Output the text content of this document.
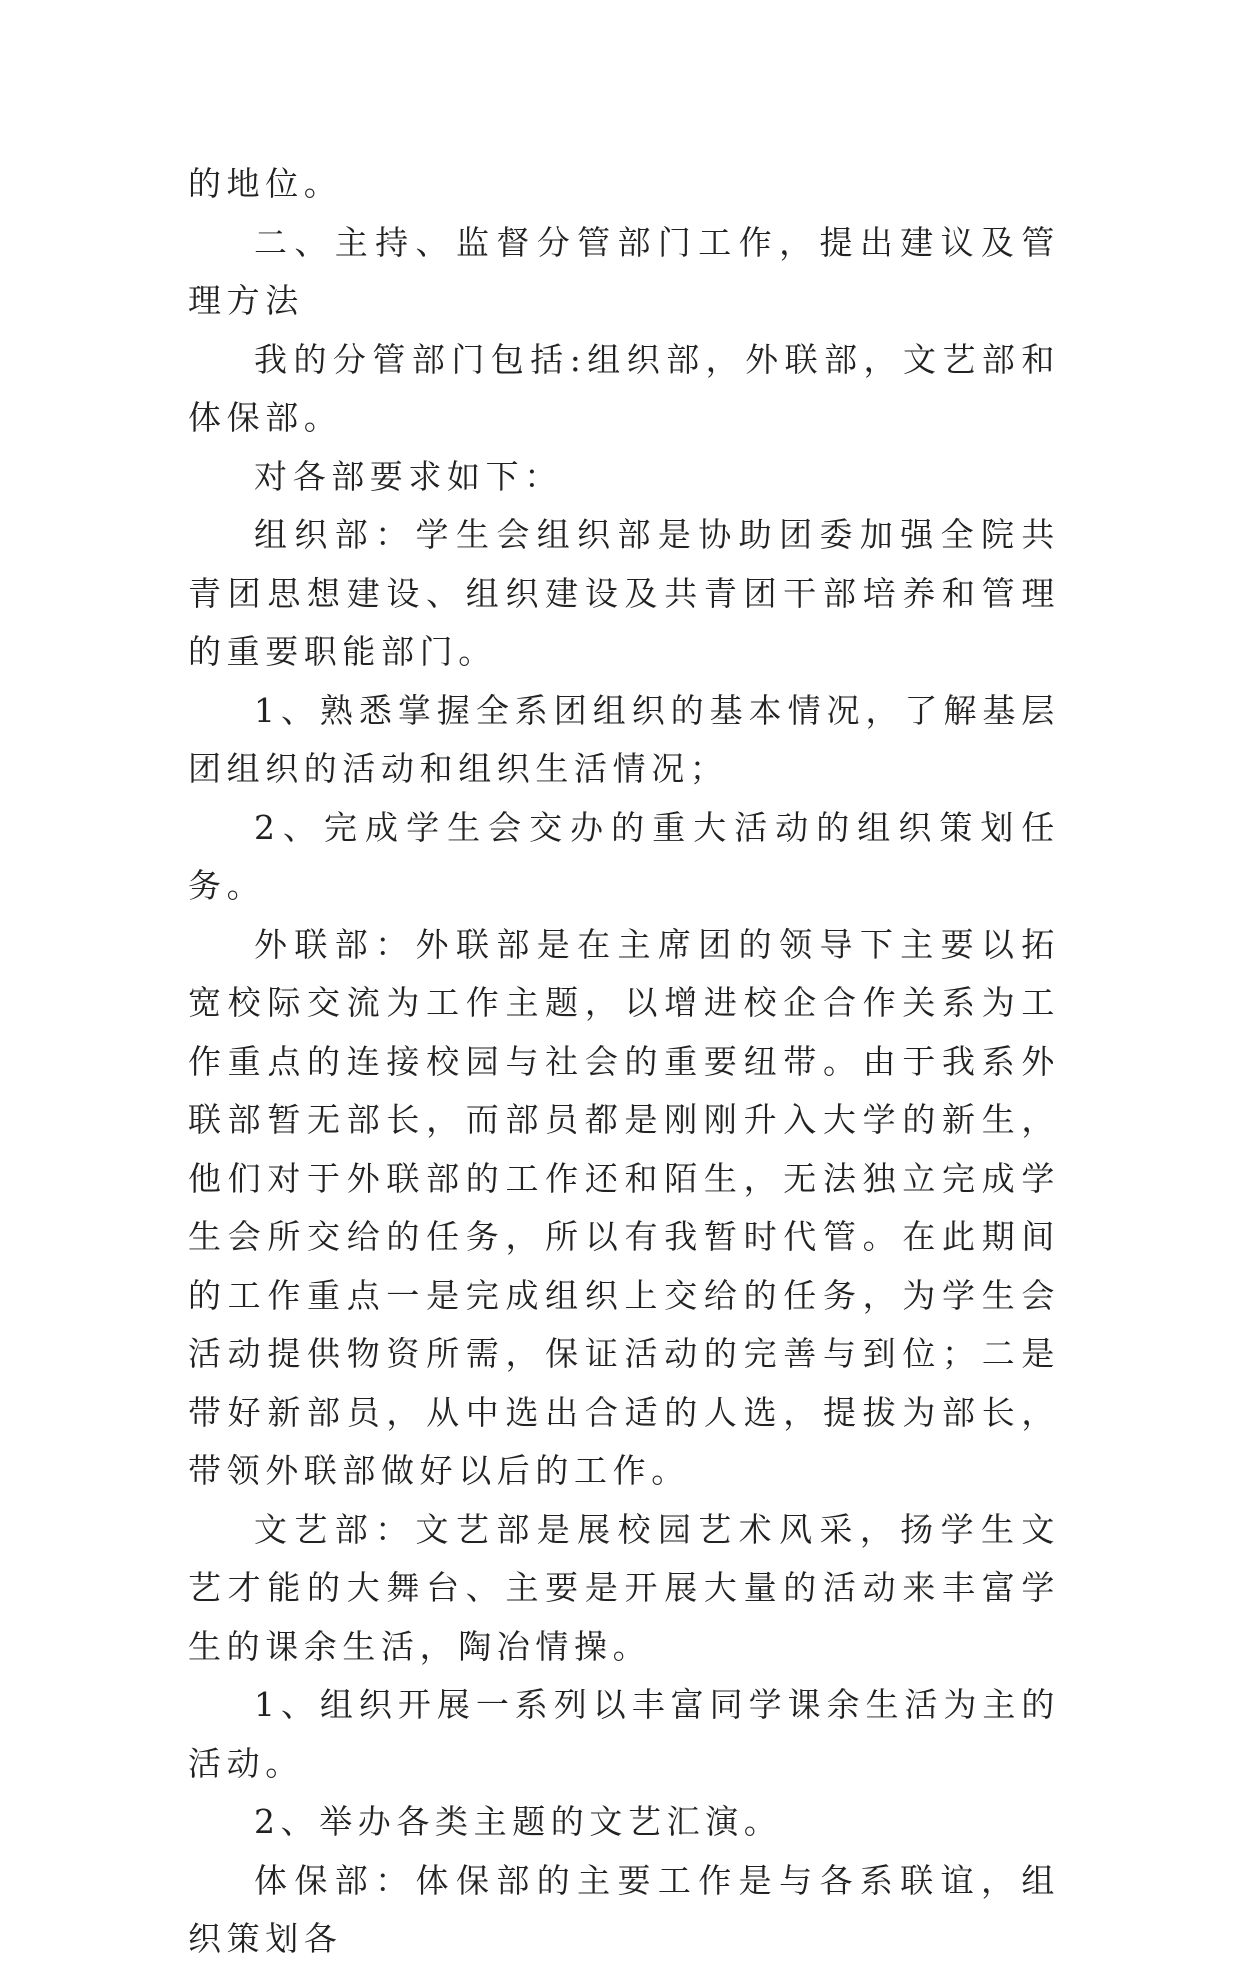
的地位。

二、主持、监督分管部门工作，提出建议及管理方法

我的分管部门包括:组织部，外联部，文艺部和体保部。

对各部要求如下：

组织部：学生会组织部是协助团委加强全院共青团思想建设、组织建设及共青团干部培养和管理的重要职能部门。

1、熟悉掌握全系团组织的基本情况，了解基层团组织的活动和组织生活情况；

2、完成学生会交办的重大活动的组织策划任务。

外联部：外联部是在主席团的领导下主要以拓宽校际交流为工作主题，以增进校企合作关系为工作重点的连接校园与社会的重要纽带。由于我系外联部暂无部长，而部员都是刚刚升入大学的新生，他们对于外联部的工作还和陌生，无法独立完成学生会所交给的任务，所以有我暂时代管。在此期间的工作重点一是完成组织上交给的任务，为学生会活动提供物资所需，保证活动的完善与到位；二是带好新部员，从中选出合适的人选，提拔为部长，带领外联部做好以后的工作。

文艺部：文艺部是展校园艺术风采，扬学生文艺才能的大舞台、主要是开展大量的活动来丰富学生的课余生活，陶冶情操。

1、组织开展一系列以丰富同学课余生活为主的活动。

2、举办各类主题的文艺汇演。

体保部：体保部的主要工作是与各系联谊，组织策划各
